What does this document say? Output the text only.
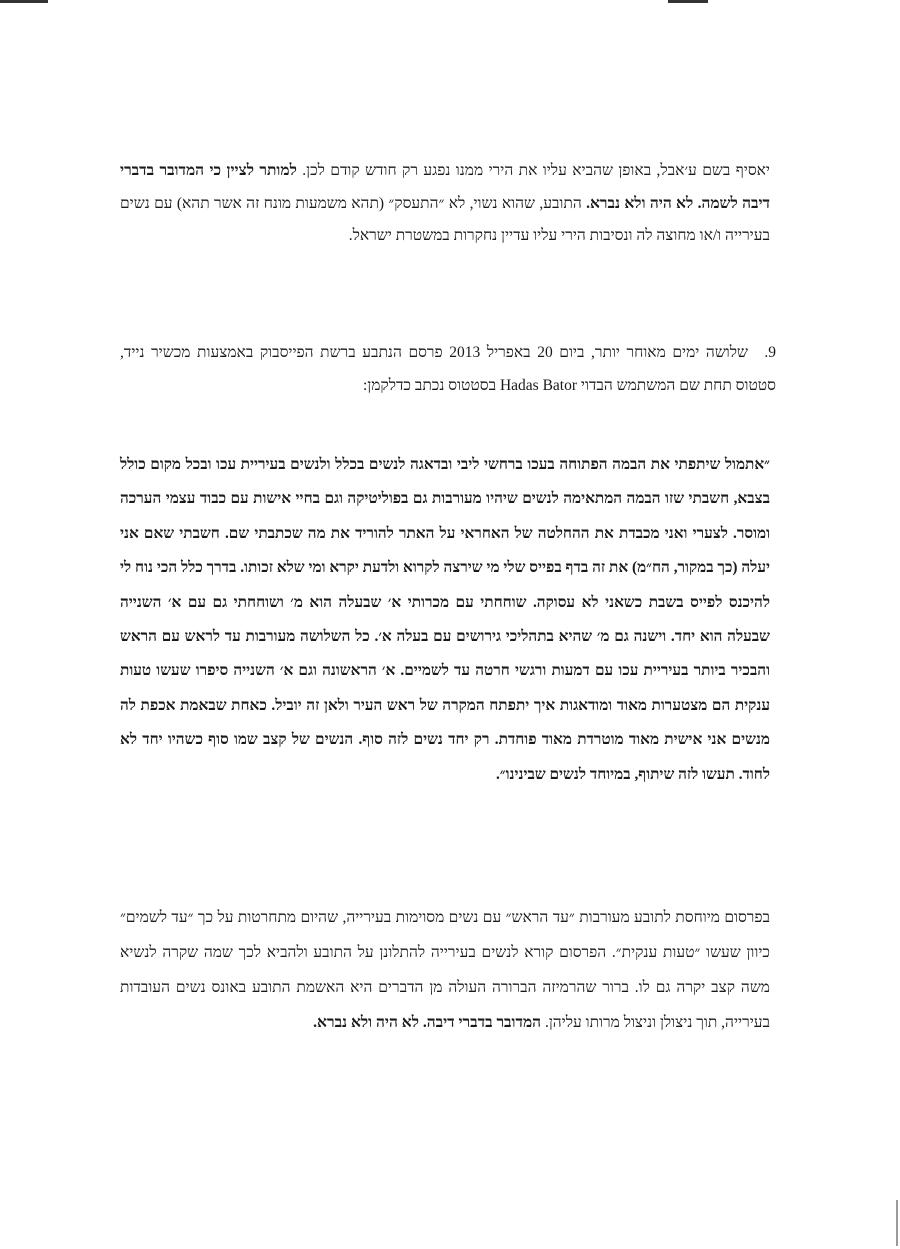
יאסיף בשם ע׳אבל, באופן שהביא עליו את הירי ממנו נפגע רק חודש קודם לכן. למותר לציין כי המדובר בדברי דיבה לשמה. לא היה ולא נברא. התובע, שהוא נשוי, לא ״התעסק״ (תהא משמעות מונח זה אשר תהא) עם נשים בעירייה ו/או מחוצה לה ונסיבות הירי עליו עדיין נחקרות במשטרת ישראל.

9.שלושה ימים מאוחר יותר, ביום 20 באפריל 2013 פרסם הנתבע ברשת הפייסבוק באמצעות מכשיר נייד, סטטוס תחת שם המשתמש הבדוי Hadas Bator בסטטוס נכתב כדלקמן:

״אתמול שיתפתי את הבמה הפתוחה בעכו ברחשי ליבי ובדאגה לנשים בכלל ולנשים בעיריית עכו ובכל מקום כולל בצבא, חשבתי שזו הבמה המתאימה לנשים שיהיו מעורבות גם בפוליטיקה וגם בחיי אישות עם כבוד עצמי הערכה ומוסר. לצערי ואני מכבדת את ההחלטה של האחראי על האתר להוריד את מה שכתבתי שם. חשבתי שאם אני יעלה (כך במקור, הח״מ) את זה בדף בפייס שלי מי שירצה לקרוא ולדעת יקרא ומי שלא זכותו. בדרך כלל הכי נוח לי להיכנס לפייס בשבת כשאני לא עסוקה. שוחחתי עם מכרותי א׳ שבעלה הוא מ׳ ושוחחתי גם עם א׳ השנייה שבעלה הוא יחד. וישנה גם מ׳ שהיא בתהליכי גירושים עם בעלה א׳. כל השלושה מעורבות עד לראש עם הראש והבכיר ביותר בעיריית עכו עם דמעות ורגשי חרטה עד לשמיים. א׳ הראשונה וגם א׳ השנייה סיפרו שעשו טעות ענקית הם מצטערות מאוד ומודאגות איך יתפתח המקרה של ראש העיר ולאן זה יוביל. כאחת שבאמת אכפת לה מנשים אני אישית מאוד מוטרדת מאוד פוחדת. רק יחד נשים לזה סוף. הנשים של קצב שמו סוף כשהיו יחד לא לחוד. תעשו לזה שיתוף, במיוחד לנשים שבינינו״.

בפרסום מיוחסת לתובע מעורבות ״עד הראש״ עם נשים מסוימות בעירייה, שהיום מתחרטות על כך ״עד לשמים״ כיוון שעשו ״טעות ענקית״. הפרסום קורא לנשים בעירייה להתלונן על התובע ולהביא לכך שמה שקרה לנשיא משה קצב יקרה גם לו. ברור שהרמיזה הברורה העולה מן הדברים היא האשמת התובע באונס נשים העובדות בעירייה, תוך ניצולן וניצול מרותו עליהן. המדובר בדברי דיבה. לא היה ולא נברא.
